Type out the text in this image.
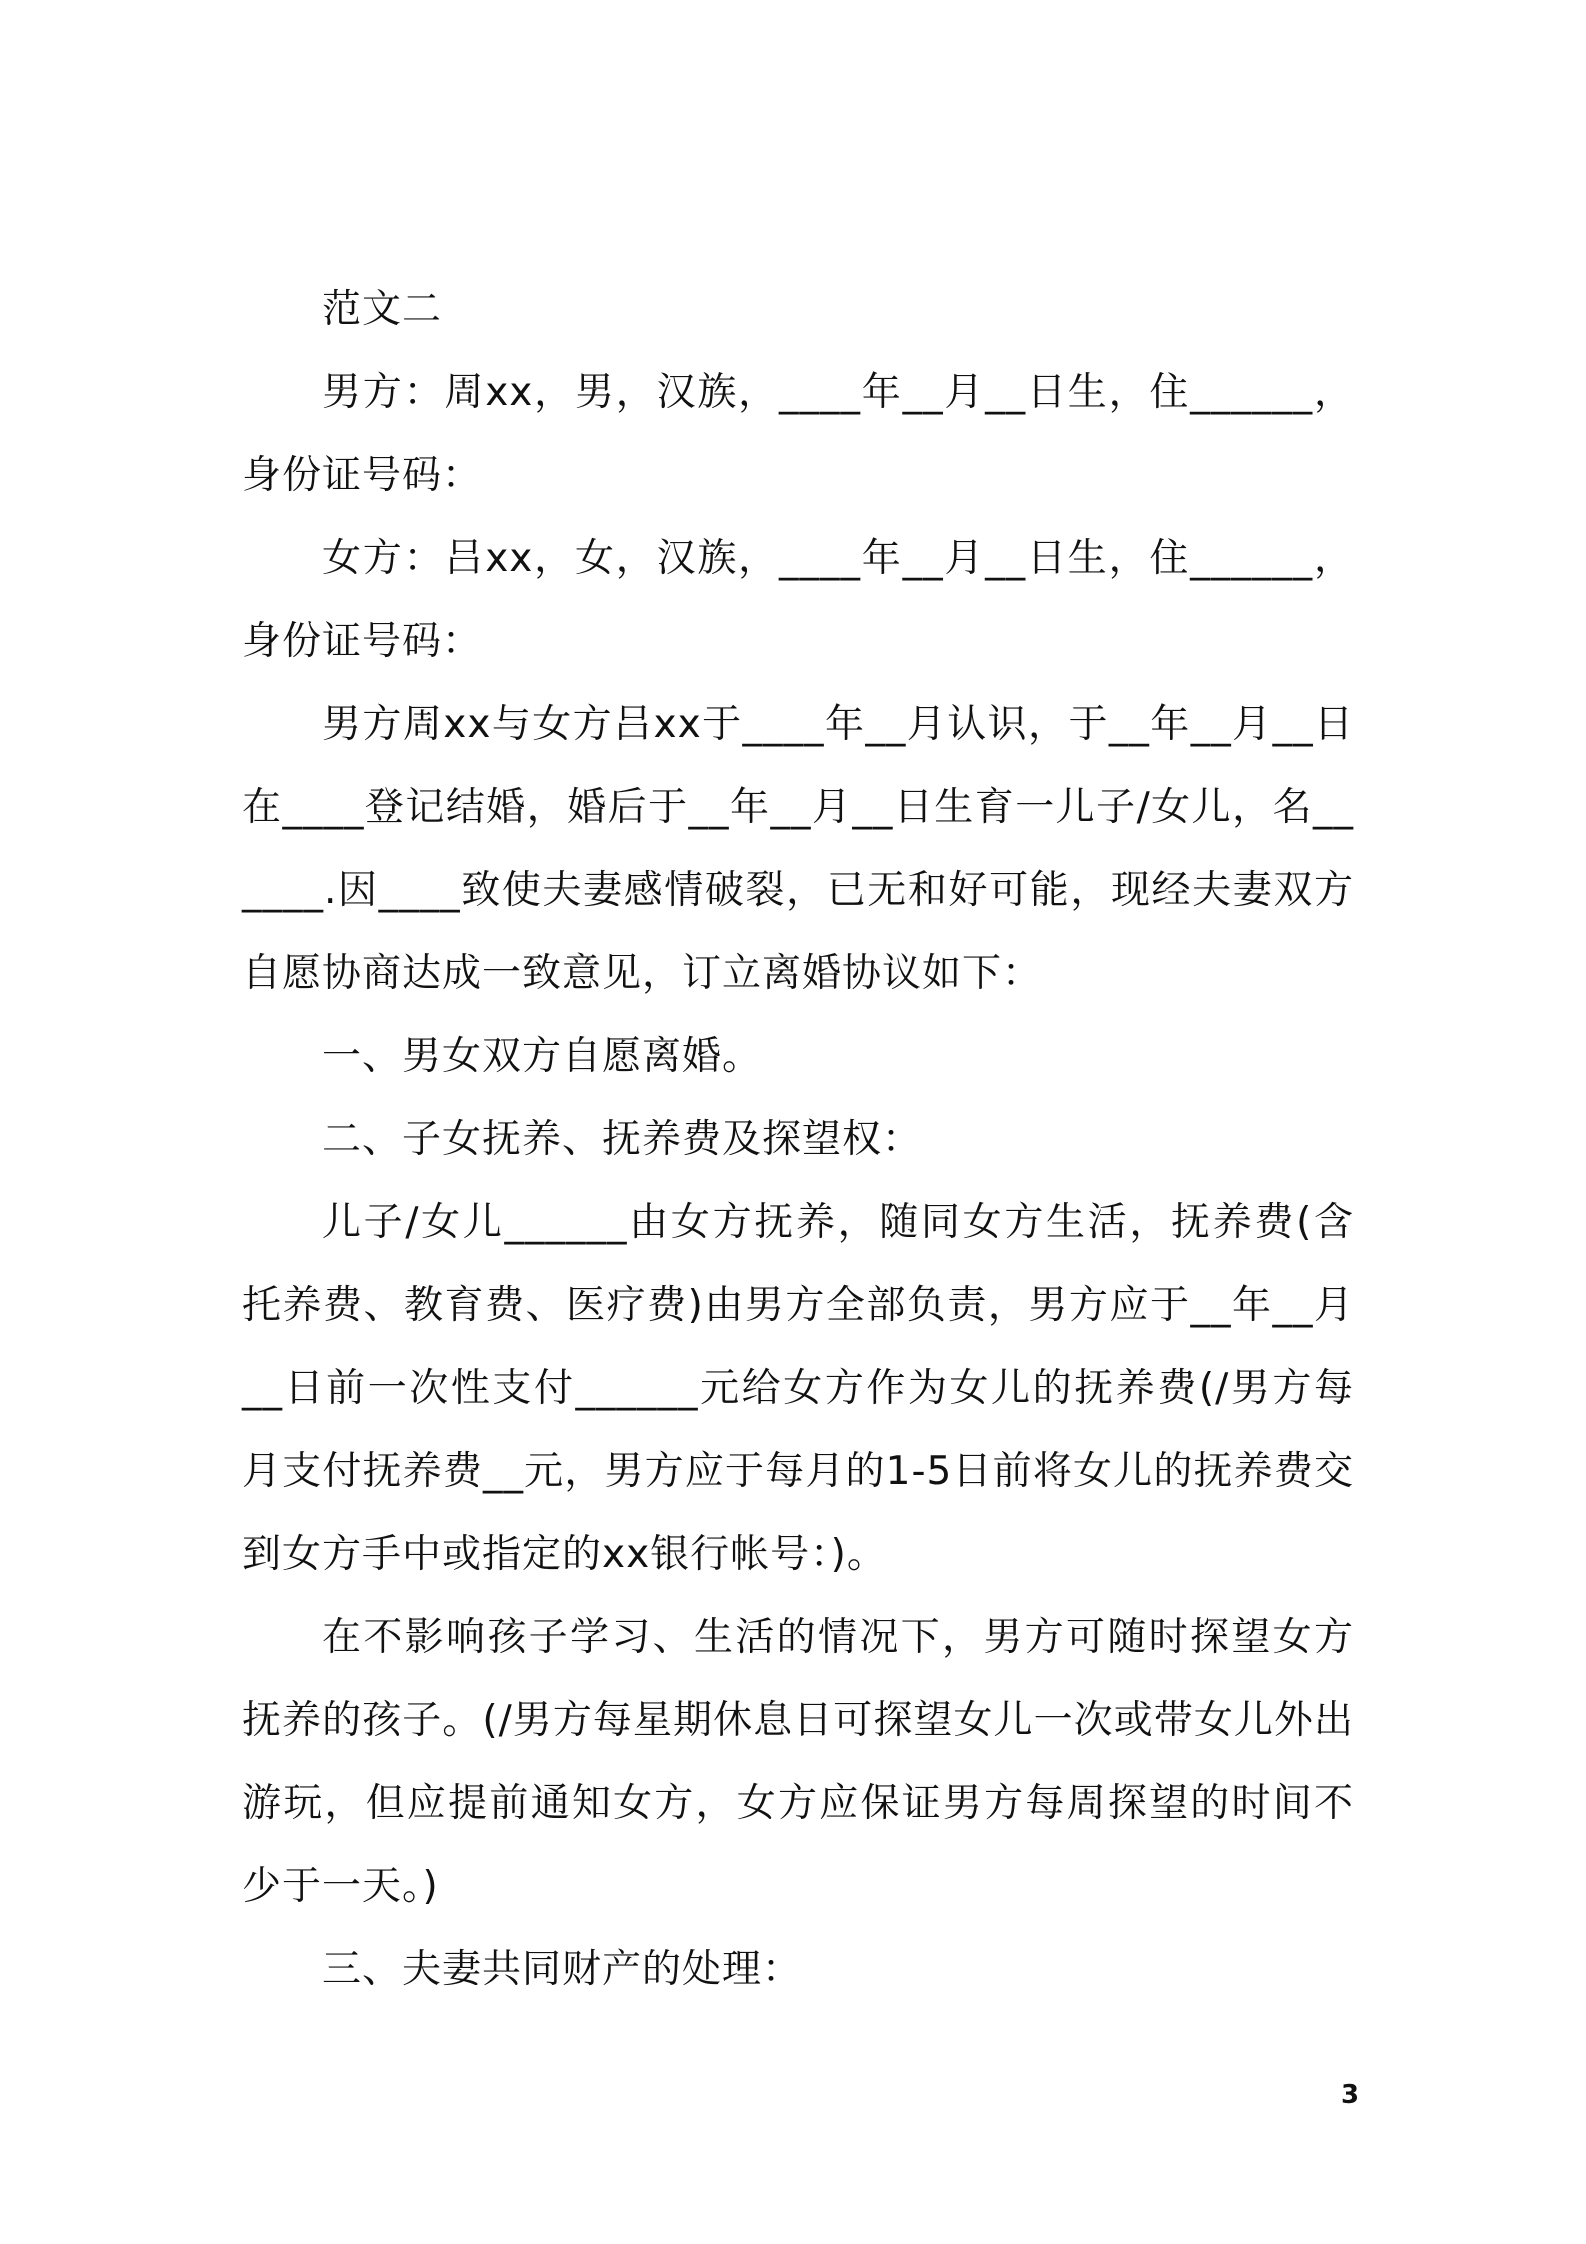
范文二

男方：周xx，男，汉族，____年__月__日生，住______，身份证号码：

女方：吕xx，女，汉族，____年__月__日生，住______，身份证号码：

男方周xx与女方吕xx于____年__月认识，于__年__月__日在____登记结婚，婚后于__年__月__日生育一儿子/女儿，名______.因____致使夫妻感情破裂，已无和好可能，现经夫妻双方自愿协商达成一致意见，订立离婚协议如下：

一、男女双方自愿离婚。

二、子女抚养、抚养费及探望权：

儿子/女儿______由女方抚养，随同女方生活，抚养费(含托养费、教育费、医疗费)由男方全部负责，男方应于__年__月__日前一次性支付______元给女方作为女儿的抚养费(/男方每月支付抚养费__元，男方应于每月的1-5日前将女儿的抚养费交到女方手中或指定的xx银行帐号：)。

在不影响孩子学习、生活的情况下，男方可随时探望女方抚养的孩子。(/男方每星期休息日可探望女儿一次或带女儿外出游玩，但应提前通知女方，女方应保证男方每周探望的时间不少于一天。)

三、夫妻共同财产的处理：

3
